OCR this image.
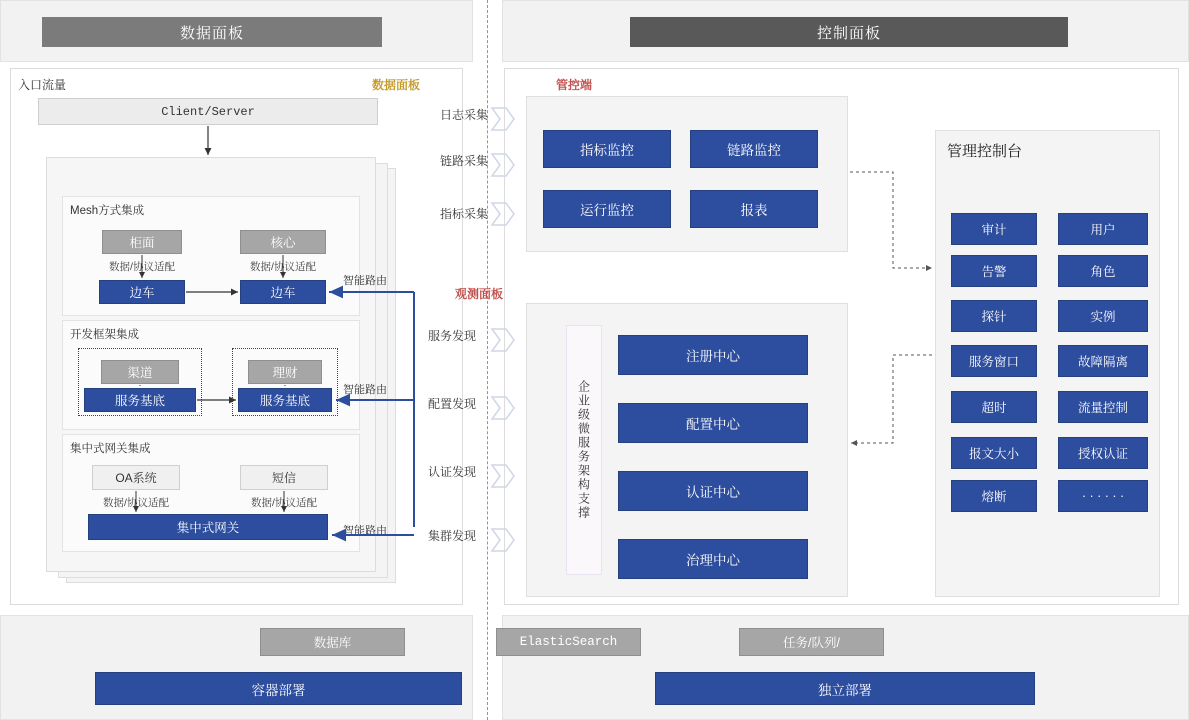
数据面板	控制面板
入口流量	数据面板
Client/Server
Mesh方式集成
柜面	核心
数据/协议适配	数据/协议适配
边车	边车
开发框架集成
渠道	理财
服务基底	服务基底
集中式网关集成
OA系统	短信
数据/协议适配	数据/协议适配
集中式网关
智能路由
智能路由
智能路由
日志采集
链路采集
指标采集
观测面板
服务发现
配置发现
认证发现
集群发现
管控端
指标监控	链路监控
运行监控	报表
企业级微服务架构支撑
注册中心
配置中心
认证中心
治理中心
管理控制台
审计	用户
告警	角色
探针	实例
服务窗口	故障隔离
超时	流量控制
报文大小	授权认证
熔断	· · · · · ·
数据库
容器部署
ElasticSearch	任务/队列/
独立部署
